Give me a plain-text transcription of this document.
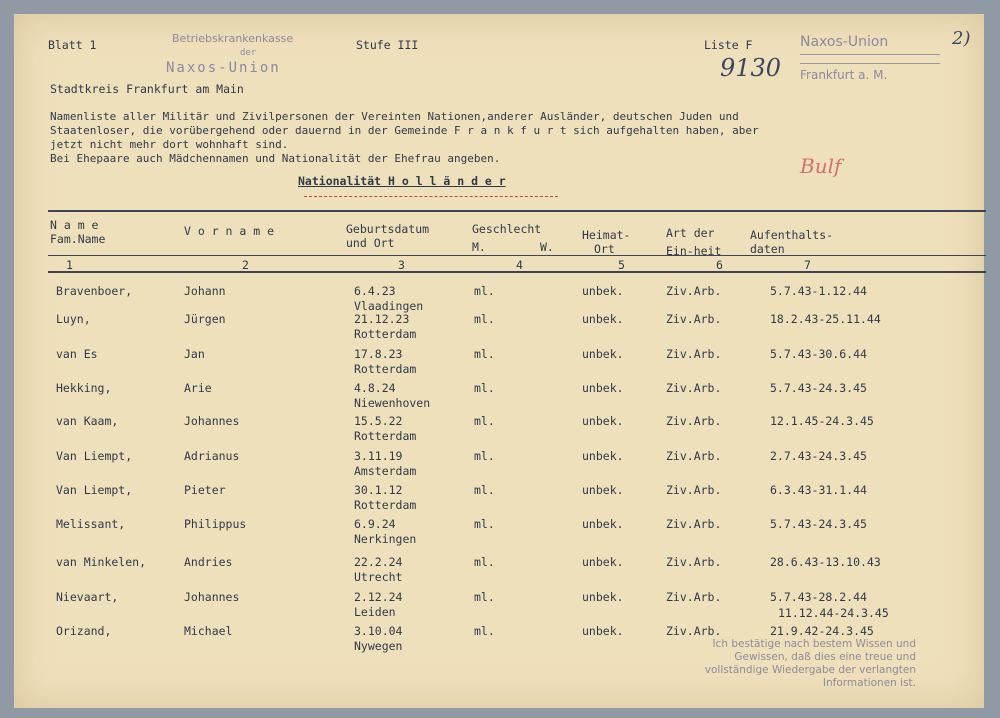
Blatt 1	Betriebskrankenkasse
der
Naxos-Union
Stufe III	Liste F
9130
2)
Naxos-Union
Frankfurt a. M.
Stadtkreis Frankfurt am Main
Namenliste aller Militär und Zivilpersonen der Vereinten Nationen,anderer Ausländer, deutschen Juden und
Staatenloser, die vorübergehend oder dauernd in der Gemeinde F r a n k f u r t sich aufgehalten haben, aber
jetzt nicht mehr dort wohnhaft sind.
Bei Ehepaare auch Mädchennamen und Nationalität der Ehefrau angeben.
Nationalität H o l l ä n d e r
Bulf
N a m e
Fam.Name
V o r n a m e	Geburtsdatum
und Ort
Geschlecht
M.	W.
Heimat-
Ort
Art der
Ein-heit
Aufenthalts-
daten
1	2	3	4	5	6	7
Bravenboer,	Johann	6.4.23	ml.	unbek.	Ziv.Arb.	5.7.43-1.12.44
Vlaadingen
Luyn,	Jürgen	21.12.23	ml.	unbek.	Ziv.Arb.	18.2.43-25.11.44
Rotterdam
van Es	Jan	17.8.23	ml.	unbek.	Ziv.Arb.	5.7.43-30.6.44
Rotterdam
Hekking,	Arie	4.8.24	ml.	unbek.	Ziv.Arb.	5.7.43-24.3.45
Niewenhoven
van Kaam,	Johannes	15.5.22	ml.	unbek.	Ziv.Arb.	12.1.45-24.3.45
Rotterdam
Van Liempt,	Adrianus	3.11.19	ml.	unbek.	Ziv.Arb.	2.7.43-24.3.45
Amsterdam
Van Liempt,	Pieter	30.1.12	ml.	unbek.	Ziv.Arb.	6.3.43-31.1.44
Rotterdam
Melissant,	Philippus	6.9.24	ml.	unbek.	Ziv.Arb.	5.7.43-24.3.45
Nerkingen
van Minkelen,	Andries	22.2.24	ml.	unbek.	Ziv.Arb.	28.6.43-13.10.43
Utrecht
Nievaart,	Johannes	2.12.24	ml.	unbek.	Ziv.Arb.	5.7.43-28.2.44
Leiden	11.12.44-24.3.45
Orizand,	Michael	3.10.04	ml.	unbek.	Ziv.Arb.	21.9.42-24.3.45
Nywegen	Ich bestätige nach bestem Wissen und Gewissen, daß dies eine treue und vollständige Wiedergabe der verlangten Informationen ist.
